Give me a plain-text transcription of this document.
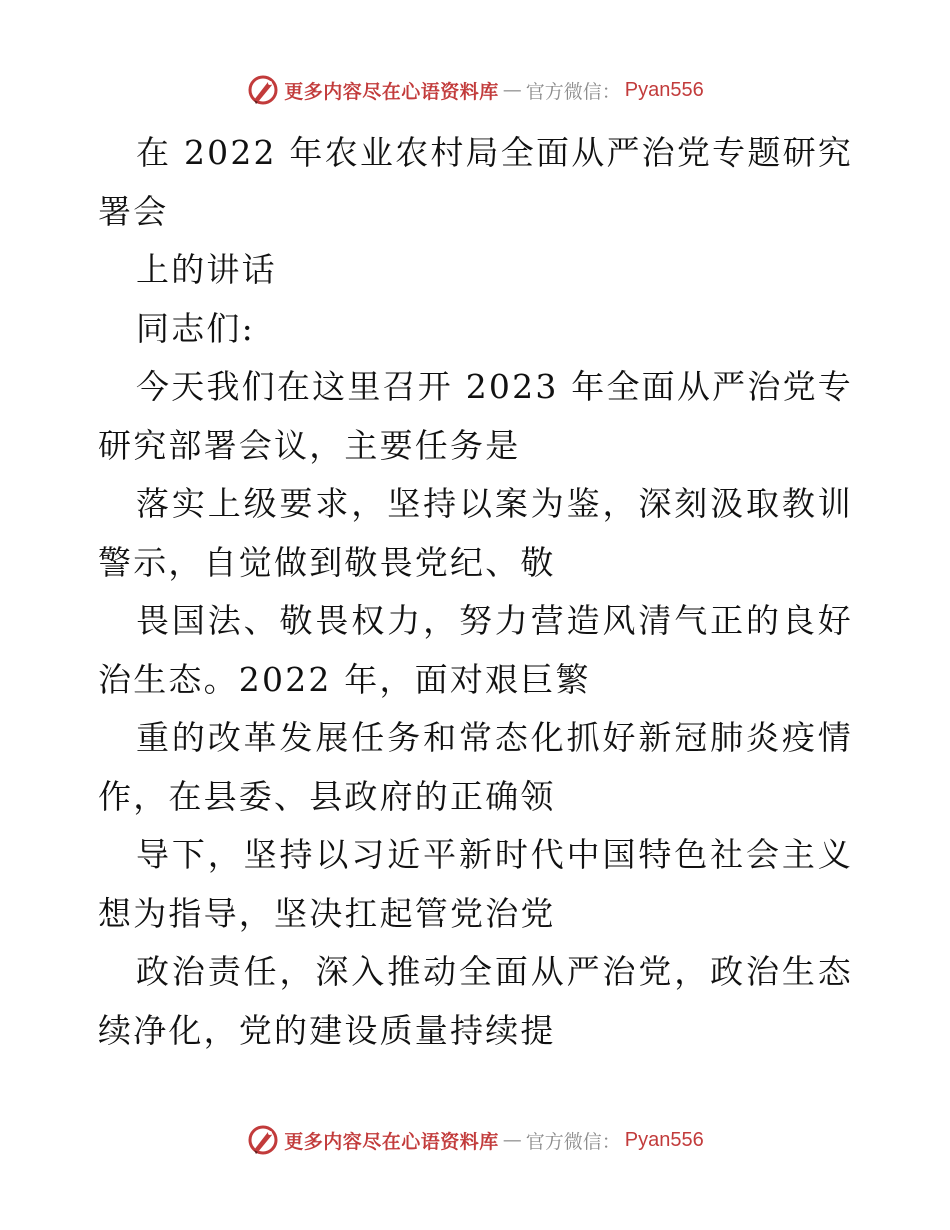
更多内容尽在心语资料库 — 官方微信： Pyan556
在 2022 年农业农村局全面从严治党专题研究
署会
上的讲话
同志们:
今天我们在这里召开 2023 年全面从严治党专
研究部署会议，主要任务是
落实上级要求，坚持以案为鉴，深刻汲取教训
警示，自觉做到敬畏党纪、敬
畏国法、敬畏权力，努力营造风清气正的良好
治生态。2022 年，面对艰巨繁
重的改革发展任务和常态化抓好新冠肺炎疫情
作，在县委、县政府的正确领
导下，坚持以习近平新时代中国特色社会主义
想为指导，坚决扛起管党治党
政治责任，深入推动全面从严治党，政治生态
续净化，党的建设质量持续提
更多内容尽在心语资料库 — 官方微信： Pyan556
